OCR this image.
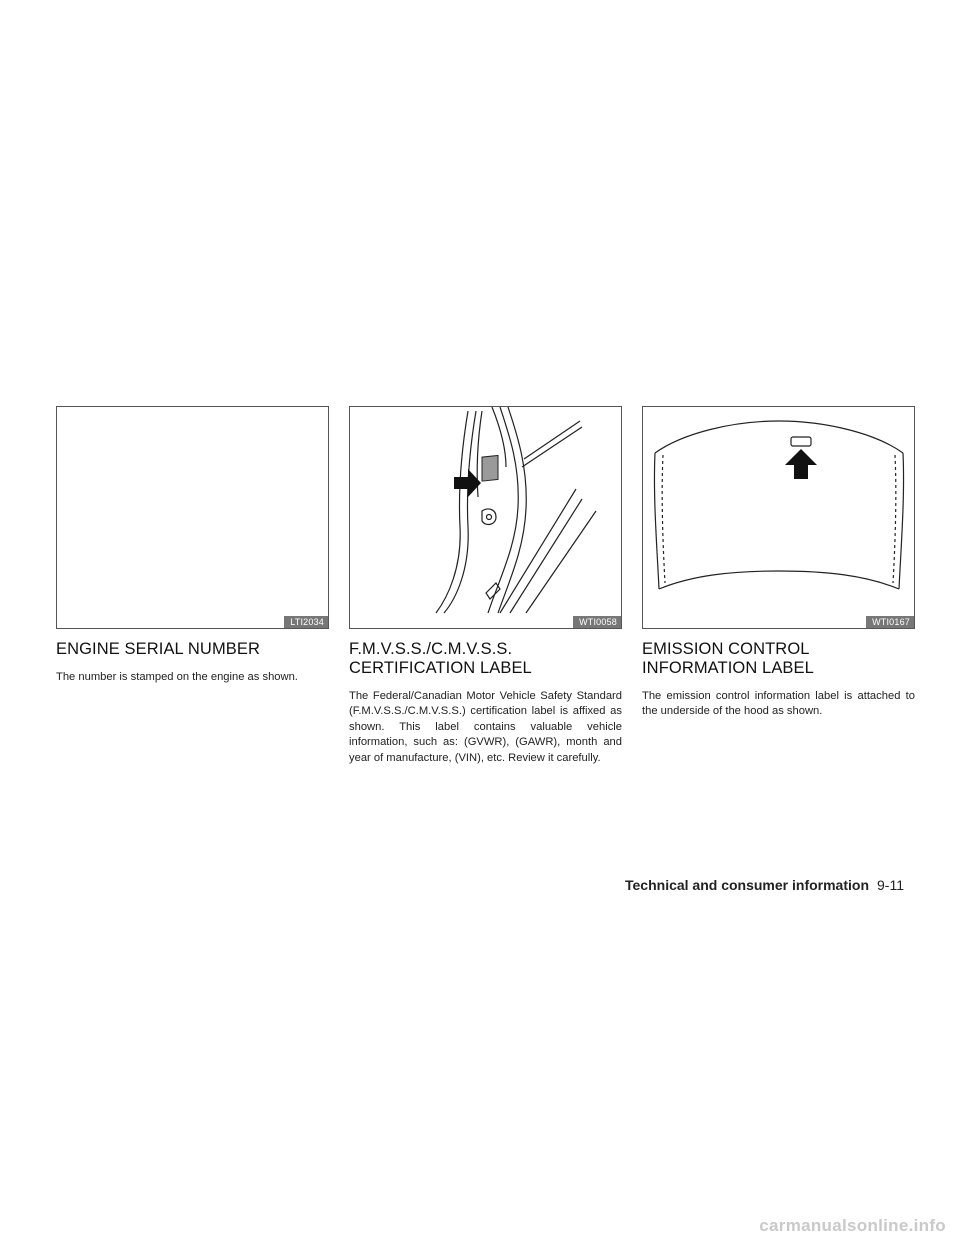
LTI2034
ENGINE SERIAL NUMBER

The number is stamped on the engine as shown.

WTI0058
F.M.V.S.S./C.M.V.S.S. CERTIFICATION LABEL

The Federal/Canadian Motor Vehicle Safety Standard (F.M.V.S.S./C.M.V.S.S.) certification label is affixed as shown. This label contains valuable vehicle information, such as: (GVWR), (GAWR), month and year of manufacture, (VIN), etc. Review it carefully.

WTI0167
EMISSION CONTROL INFORMATION LABEL

The emission control information label is attached to the underside of the hood as shown.

Technical and consumer information 9-11
carmanualsonline.info
